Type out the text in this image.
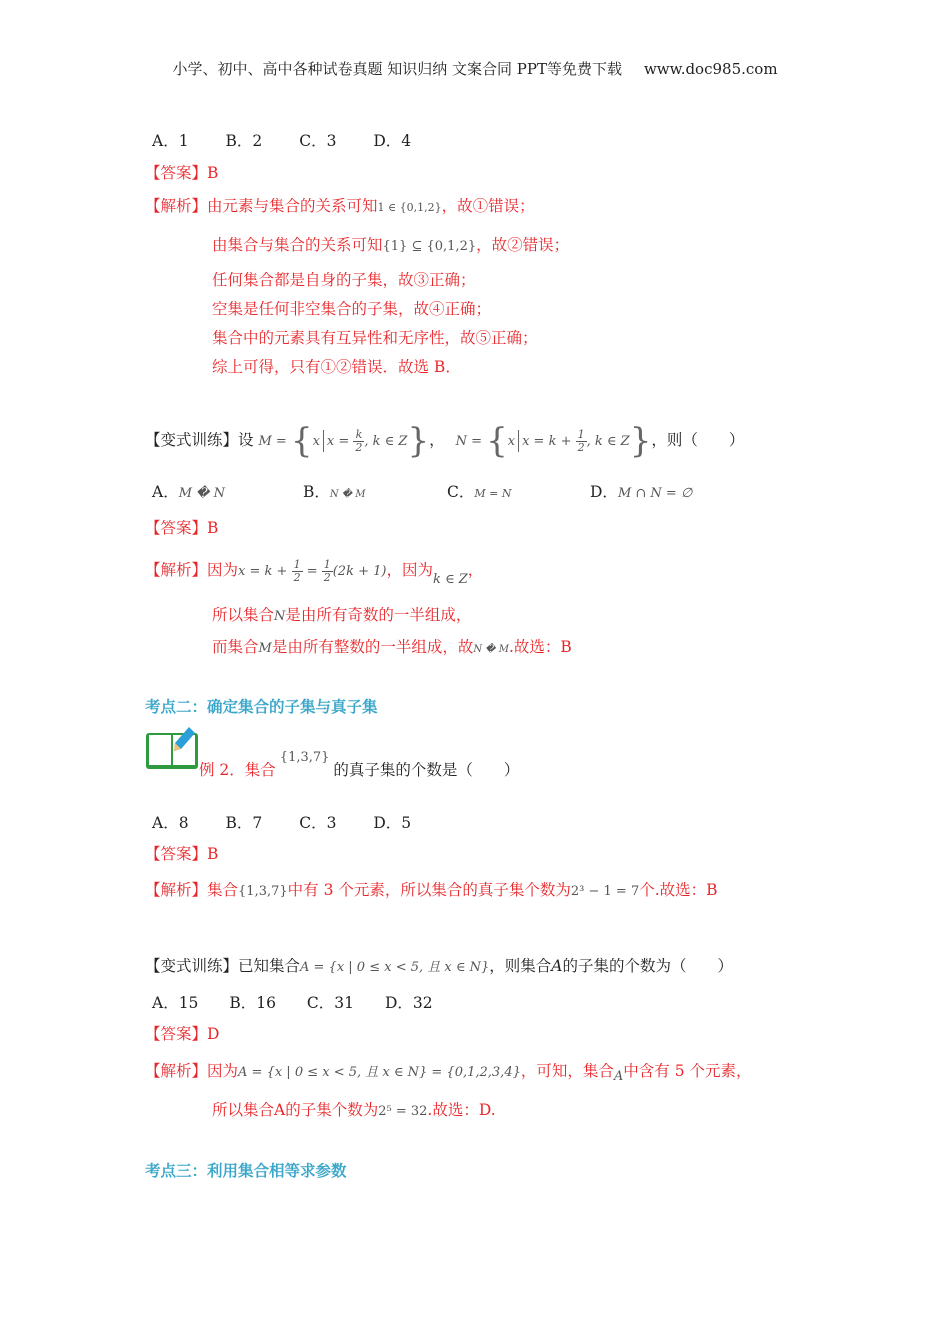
小学、初中、高中各种试卷真题 知识归纳 文案合同 PPT等免费下载 www.doc985.com
A．1 B．2 C．3 D．4
【答案】B
【解析】由元素与集合的关系可知1 ∈ {0,1,2}，故①错误；
由集合与集合的关系可知{1} ⊆ {0,1,2}，故②错误；
任何集合都是自身的子集，故③正确；
空集是任何非空集合的子集，故④正确；
集合中的元素具有互异性和无序性，故⑤正确；
综上可得，只有①②错误．故选 B．
【变式训练】设 M = {x $x = \frac{k}{2}$ , k ∈ Z}， N = {x $x = k + \frac{1}{2}$ , k ∈ Z}，则（　　）
A．M � N	B．N � M	C．M = N	D．M ∩ N = ∅
【答案】B
【解析】因为$x = k + \frac{1}{2} = \frac{1}{2} (2k + 1)$，因为$_{k \in Z}$，
所以集合N是由所有奇数的一半组成，
而集合M是由所有整数的一半组成，故N � M.故选：B
考点二：确定集合的子集与真子集
例 2．集合$^{\{1,3,7\}}$的真子集的个数是（　　）
A．8 B．7 C．3 D．5
【答案】B
【解析】集合{1,3,7}中有 3 个元素，所以集合的真子集个数为2³ − 1 = 7个.故选：B
【变式训练】已知集合A = {x | 0 ≤ x < 5, 且 x ∈ N}，则集合A的子集的个数为（　　）
A．15 B．16 C．31 D．32
【答案】D
【解析】因为A = {x | 0 ≤ x < 5, 且 x ∈ N} = {0,1,2,3,4}，可知，集合$_A$中含有 5 个元素，
所以集合A的子集个数为2⁵ = 32.故选：D.
考点三：利用集合相等求参数
